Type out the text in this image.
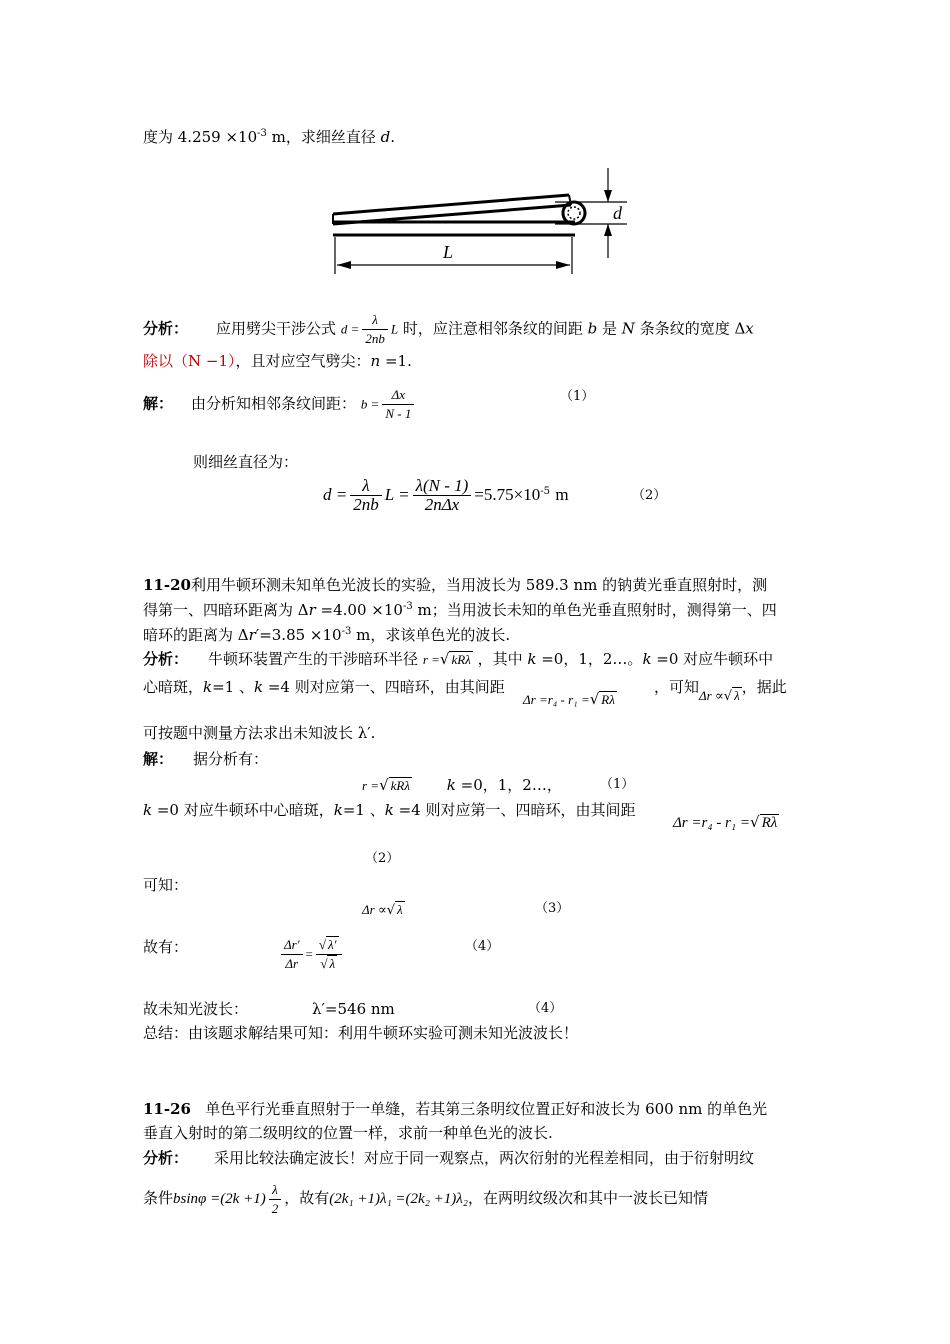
度为 $4.259 \times 10^{-3}$ m，求细丝直径 d.
d
L
分析： 应用劈尖干涉公式 $d = \frac{\lambda}{2nb}$ L 时，应注意相邻条纹的间距 b 是 N 条条纹的宽度 Δx
除以（N −1），且对应空气劈尖：n =1.
解： 由分析知相邻条纹间距： $b = \frac{\Delta x}{N - 1}$	（1）
则细丝直径为：
$d = \frac{\lambda}{2nb}$ $L = \frac{\lambda(N - 1)}{\text{2nΔx}} =5.75\times 10^{-5}$ m	（2）
11-20利用牛顿环测未知单色光波长的实验，当用波长为 589.3 nm 的钠黄光垂直照射时，测
得第一、四暗环距离为 $\Delta r =4.00 \times 10^{-3}$ m；当用波长未知的单色光垂直照射时，测得第一、四
暗环的距离为 $\Delta r'=3.85 \times 10^{-3}$ m，求该单色光的波长.
分析： 牛顿环装置产生的干涉暗环半径 r =√ kRλ ，其中 k =0，1，2…。k =0 对应牛顿环中
心暗斑，k=1 、k =4 则对应第一、四暗环，由其间距
Δr =r₄ - r₁ =√ Rλ
，可知Δr ∝√ λ ，据此
可按题中测量方法求出未知波长 λ′.
解： 据分析有：
r =√ kRλ k =0，1，2…，	（1）
k =0 对应牛顿环中心暗斑，k=1 、k =4 则对应第一、四暗环，由其间距
Δr =r₄ - r₁ =√ Rλ
（2）
可知：
Δr ∝√ λ	（3）
故有：	$\frac{\Delta r'}{\Delta r} = \frac{√ \lambda'}{√ \lambda}$	（4）
故未知光波长：	λ′=546 nm	（4）
总结：由该题求解结果可知：利用牛顿环实验可测未知光波波长！
11-26 单色平行光垂直照射于一单缝，若其第三条明纹位置正好和波长为 600 nm 的单色光
垂直入射时的第二级明纹的位置一样，求前一种单色光的波长.
分析： 采用比较法确定波长！对应于同一观察点，两次衍射的光程差相同，由于衍射明纹
条件$bsin\varphi =(2k +1) \frac{\lambda}{2}$ ，故有(2k₁ +1)λ₁ =(2k₂ +1)λ₂，在两明纹级次和其中一波长已知情
